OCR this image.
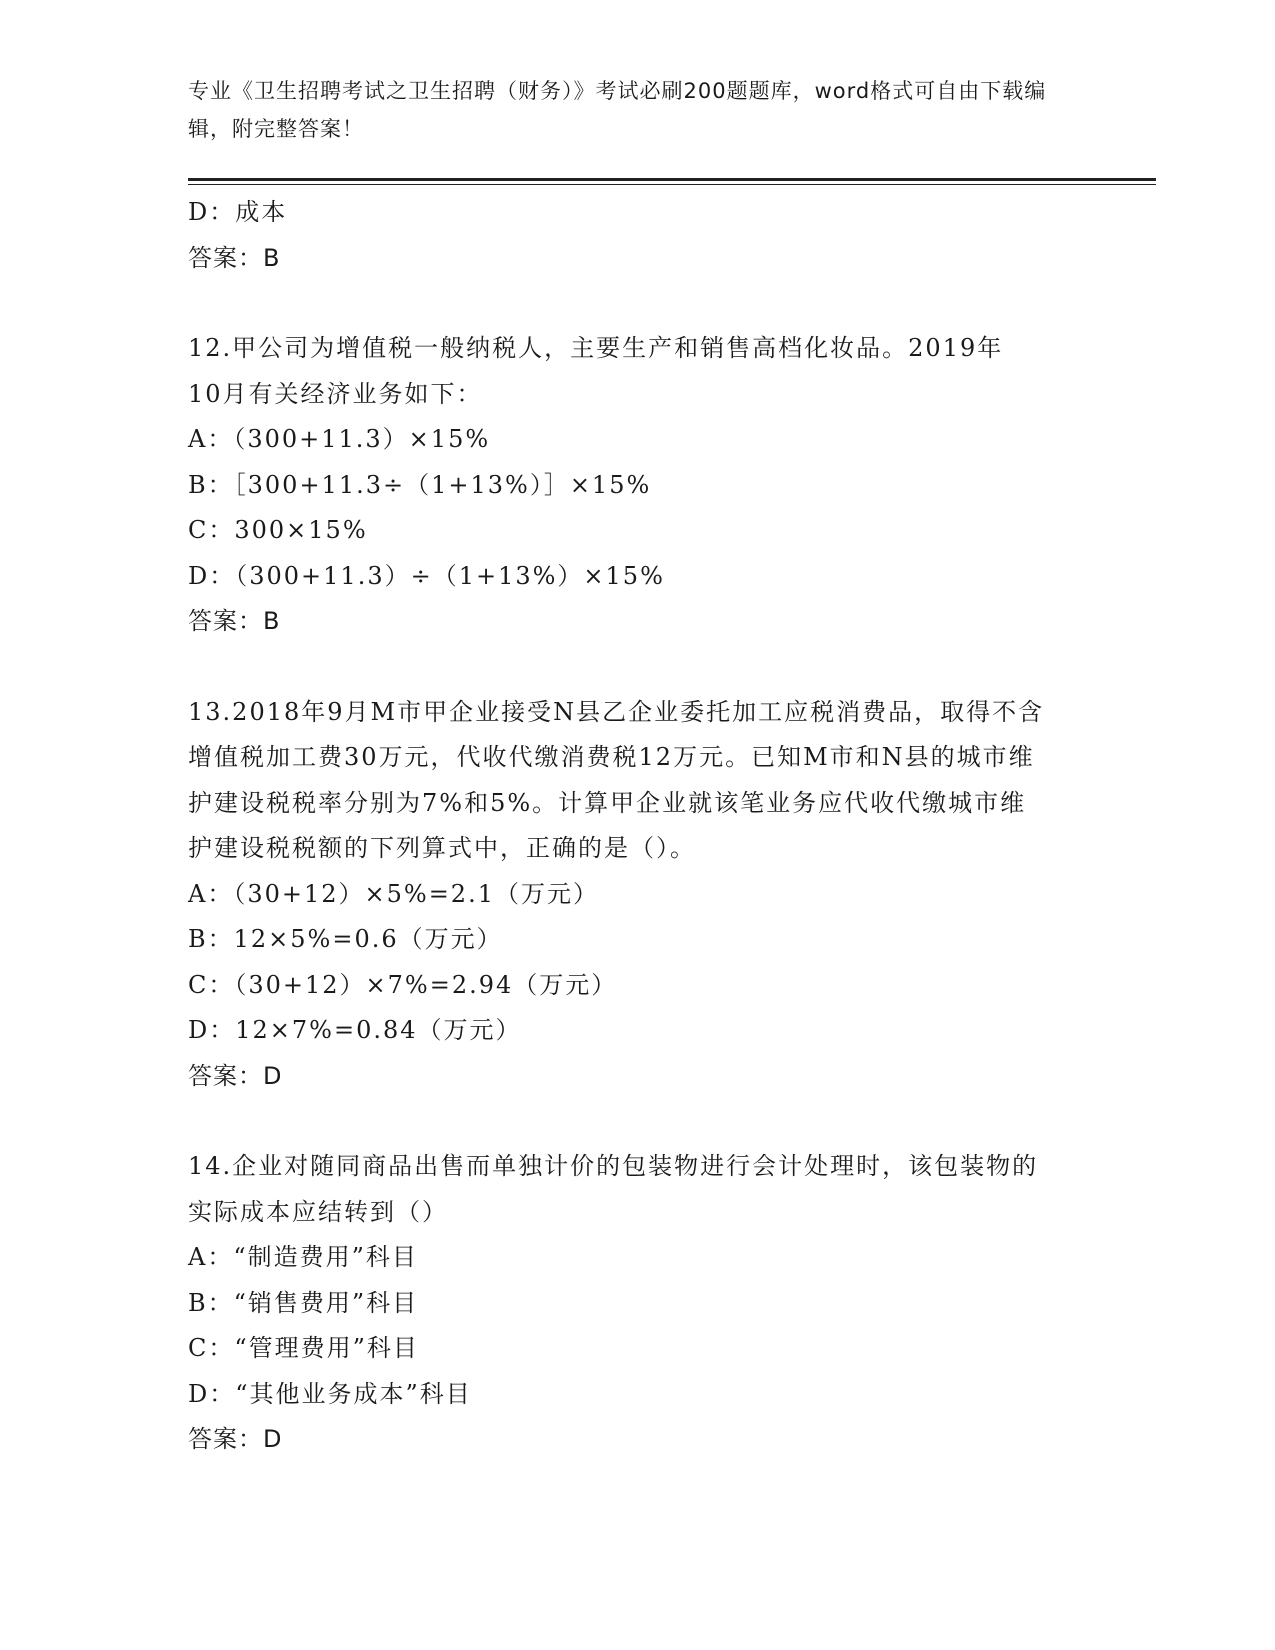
专业《卫生招聘考试之卫生招聘（财务）》考试必刷200题题库，word格式可自由下载编辑，附完整答案！
D：成本
答案：B
12.甲公司为增值税一般纳税人，主要生产和销售高档化妆品。2019年10月有关经济业务如下：
A：（300+11.3）×15%
B：［300+11.3÷（1+13%）］×15%
C：300×15%
D：（300+11.3）÷（1+13%）×15%
答案：B
13.2018年9月M市甲企业接受N县乙企业委托加工应税消费品，取得不含增值税加工费30万元，代收代缴消费税12万元。已知M市和N县的城市维护建设税税率分别为7%和5%。计算甲企业就该笔业务应代收代缴城市维护建设税税额的下列算式中，正确的是（）。
A：（30+12）×5%=2.1（万元）
B：12×5%=0.6（万元）
C：（30+12）×7%=2.94（万元）
D：12×7%=0.84（万元）
答案：D
14.企业对随同商品出售而单独计价的包装物进行会计处理时，该包装物的实际成本应结转到（）
A：“制造费用”科目
B：“销售费用”科目
C：“管理费用”科目
D：“其他业务成本”科目
答案：D
